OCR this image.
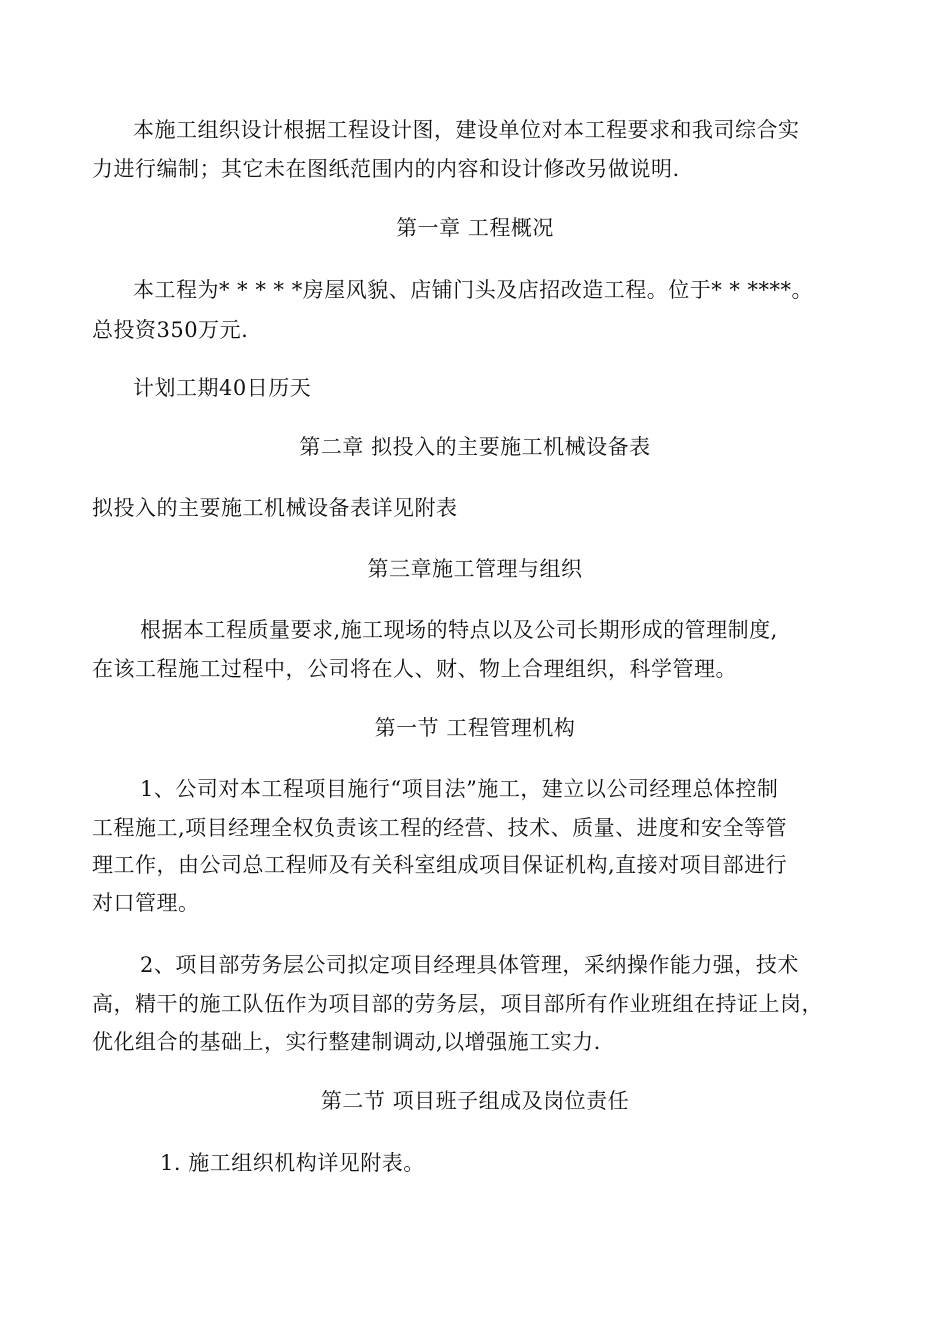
本施工组织设计根据工程设计图，建设单位对本工程要求和我司综合实
力进行编制；其它未在图纸范围内的内容和设计修改另做说明.
第一章 工程概况
本工程为* * * * *房屋风貌、店铺门头及店招改造工程。位于* * ****。
总投资350万元.
计划工期40日历天
第二章 拟投入的主要施工机械设备表
拟投入的主要施工机械设备表详见附表
第三章施工管理与组织
根据本工程质量要求,施工现场的特点以及公司长期形成的管理制度,
在该工程施工过程中，公司将在人、财、物上合理组织，科学管理。
第一节 工程管理机构
1、公司对本工程项目施行“项目法”施工，建立以公司经理总体控制
工程施工,项目经理全权负责该工程的经营、技术、质量、进度和安全等管
理工作，由公司总工程师及有关科室组成项目保证机构,直接对项目部进行
对口管理。
2、项目部劳务层公司拟定项目经理具体管理，采纳操作能力强，技术
高，精干的施工队伍作为项目部的劳务层，项目部所有作业班组在持证上岗，
优化组合的基础上，实行整建制调动,以增强施工实力.
第二节 项目班子组成及岗位责任
1. 施工组织机构详见附表。
